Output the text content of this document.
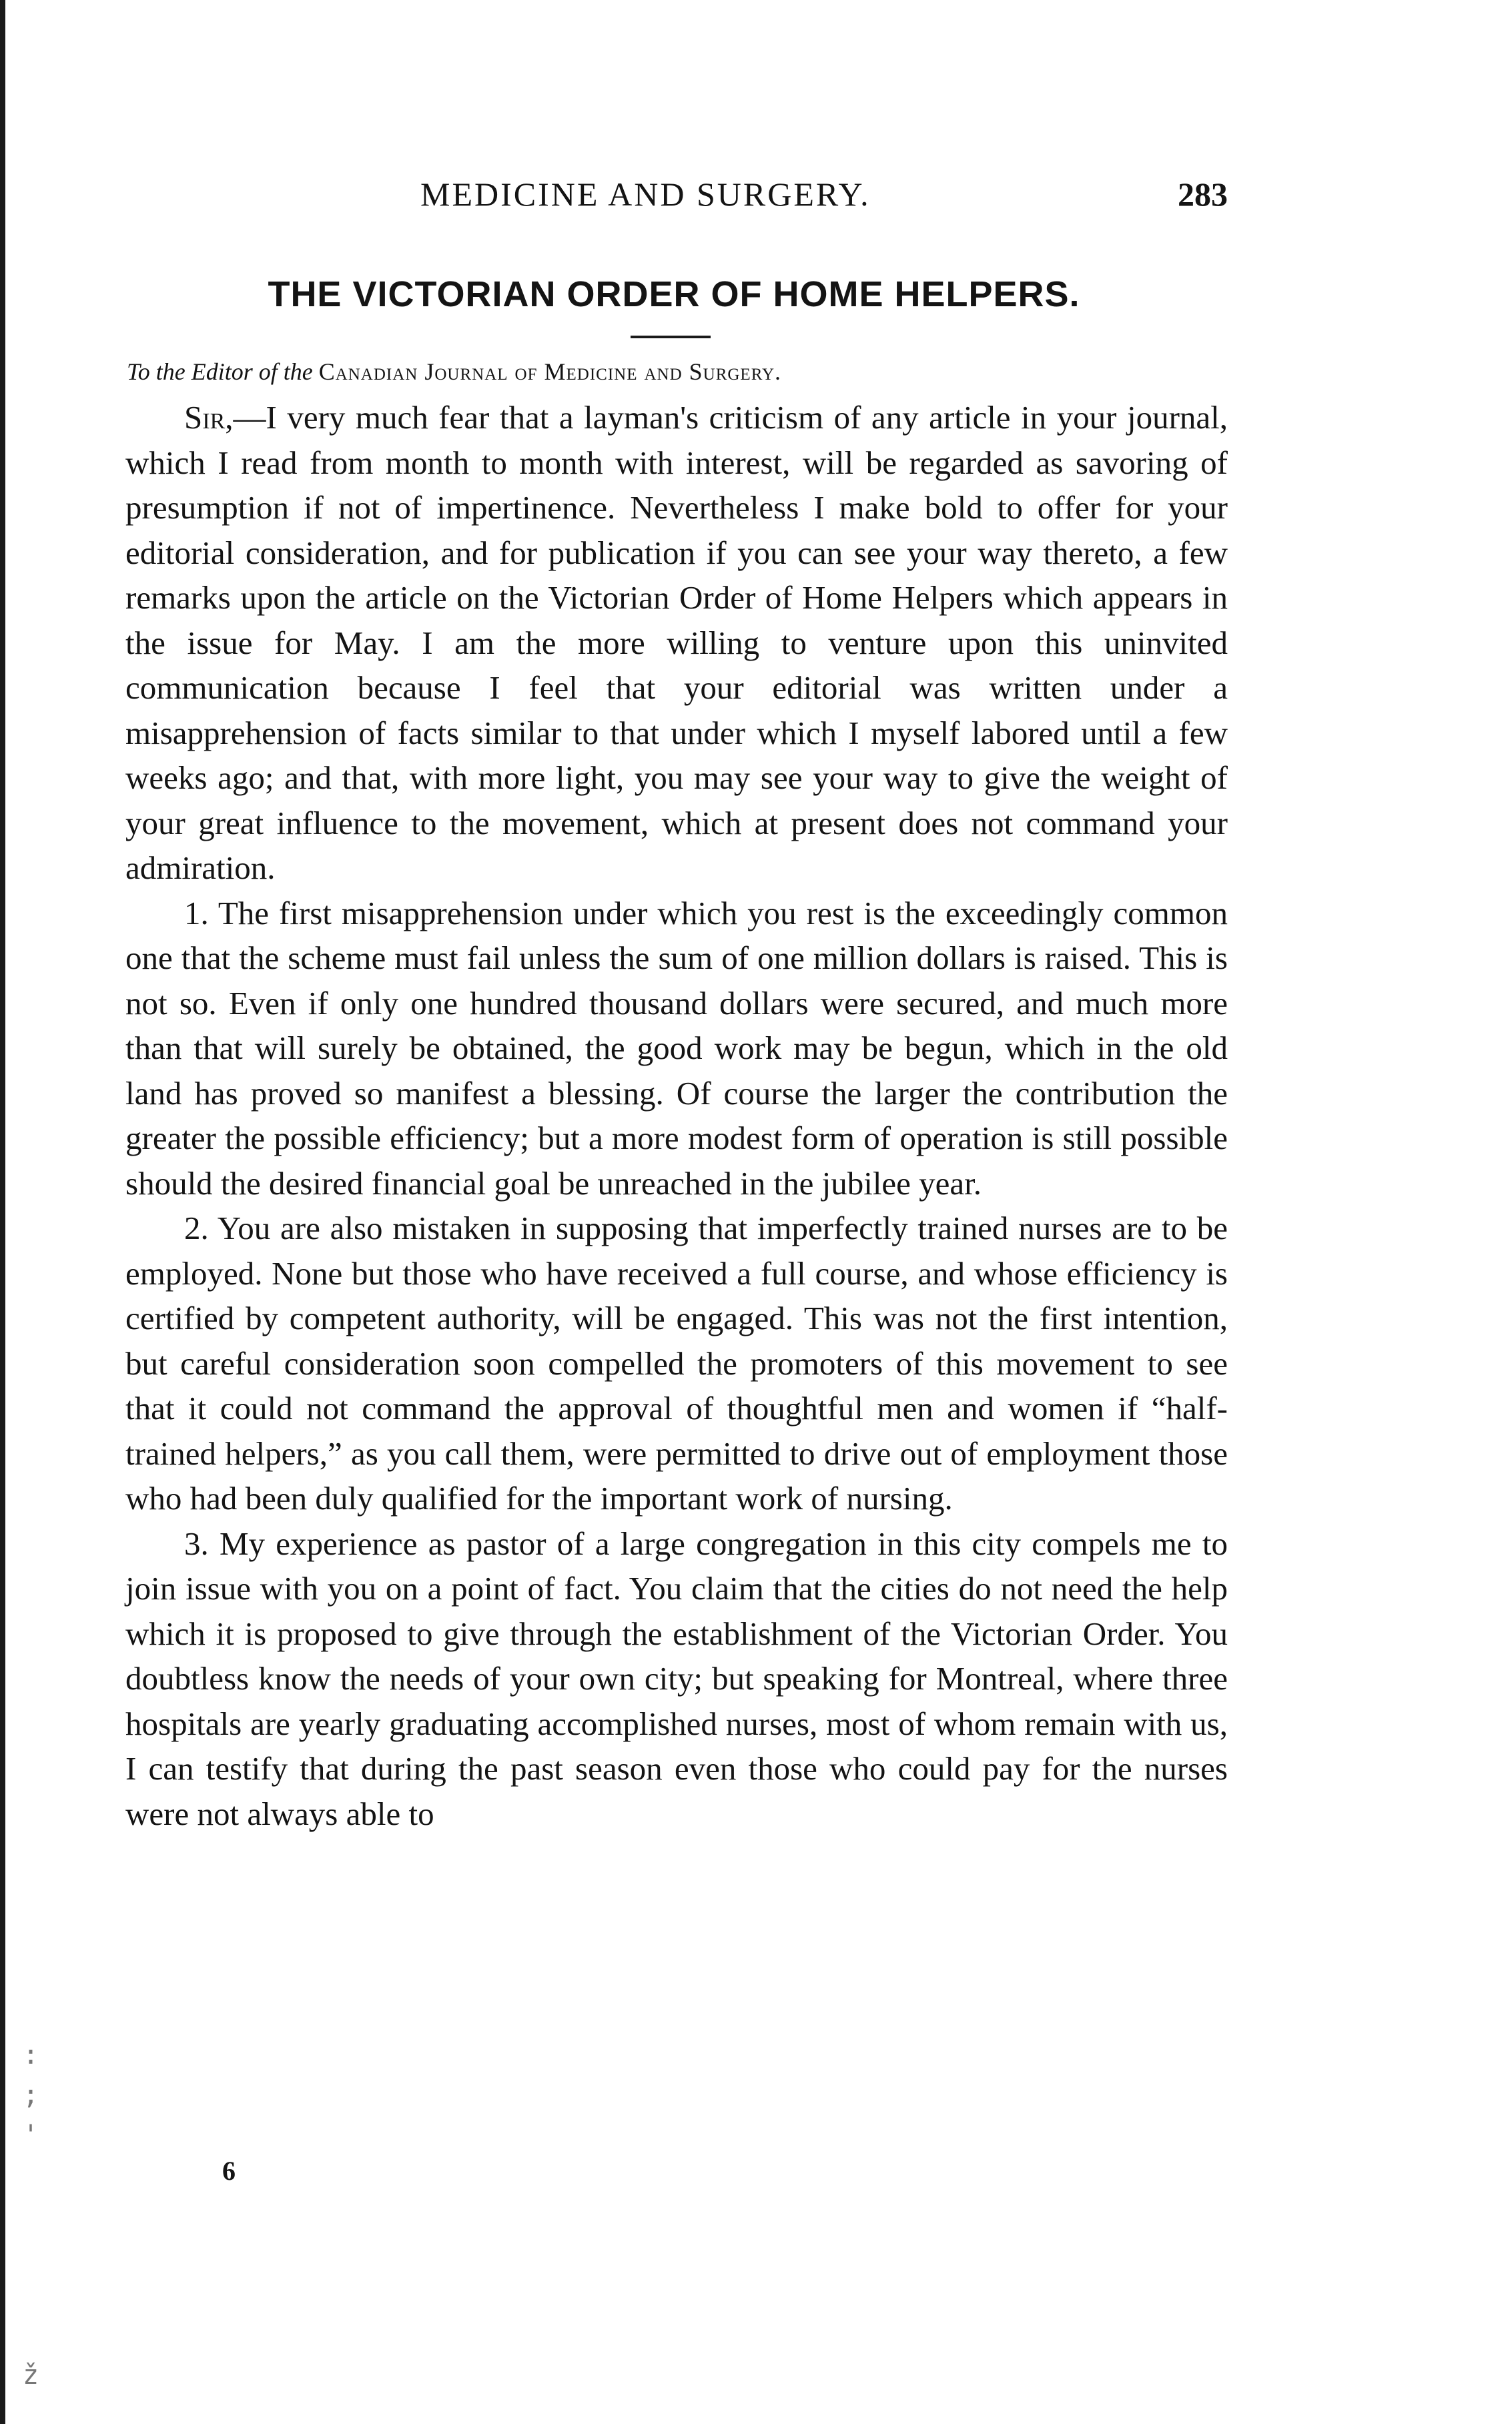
:
;
'

ž
MEDICINE AND SURGERY.	283
THE VICTORIAN ORDER OF HOME HELPERS.
To the Editor of the Canadian Journal of Medicine and Surgery.

Sir,—I very much fear that a layman's criticism of any article in your journal, which I read from month to month with interest, will be regarded as savoring of presumption if not of impertinence. Nevertheless I make bold to offer for your editorial consideration, and for publication if you can see your way thereto, a few remarks upon the article on the Victorian Order of Home Helpers which appears in the issue for May. I am the more willing to venture upon this uninvited communication because I feel that your editorial was written under a misapprehension of facts similar to that under which I myself labored until a few weeks ago; and that, with more light, you may see your way to give the weight of your great influence to the movement, which at present does not command your admiration.

1. The first misapprehension under which you rest is the exceedingly common one that the scheme must fail unless the sum of one million dollars is raised. This is not so. Even if only one hundred thousand dollars were secured, and much more than that will surely be obtained, the good work may be begun, which in the old land has proved so manifest a blessing. Of course the larger the contribution the greater the possible efficiency; but a more modest form of operation is still possible should the desired financial goal be unreached in the jubilee year.

2. You are also mistaken in supposing that imperfectly trained nurses are to be employed. None but those who have received a full course, and whose efficiency is certified by competent authority, will be engaged. This was not the first intention, but careful consideration soon compelled the promoters of this movement to see that it could not command the approval of thoughtful men and women if “half-trained helpers,” as you call them, were permitted to drive out of employment those who had been duly qualified for the important work of nursing.

3. My experience as pastor of a large congregation in this city compels me to join issue with you on a point of fact. You claim that the cities do not need the help which it is proposed to give through the establishment of the Victorian Order. You doubtless know the needs of your own city; but speaking for Montreal, where three hospitals are yearly graduating accomplished nurses, most of whom remain with us, I can testify that during the past season even those who could pay for the nurses were not always able to

6
